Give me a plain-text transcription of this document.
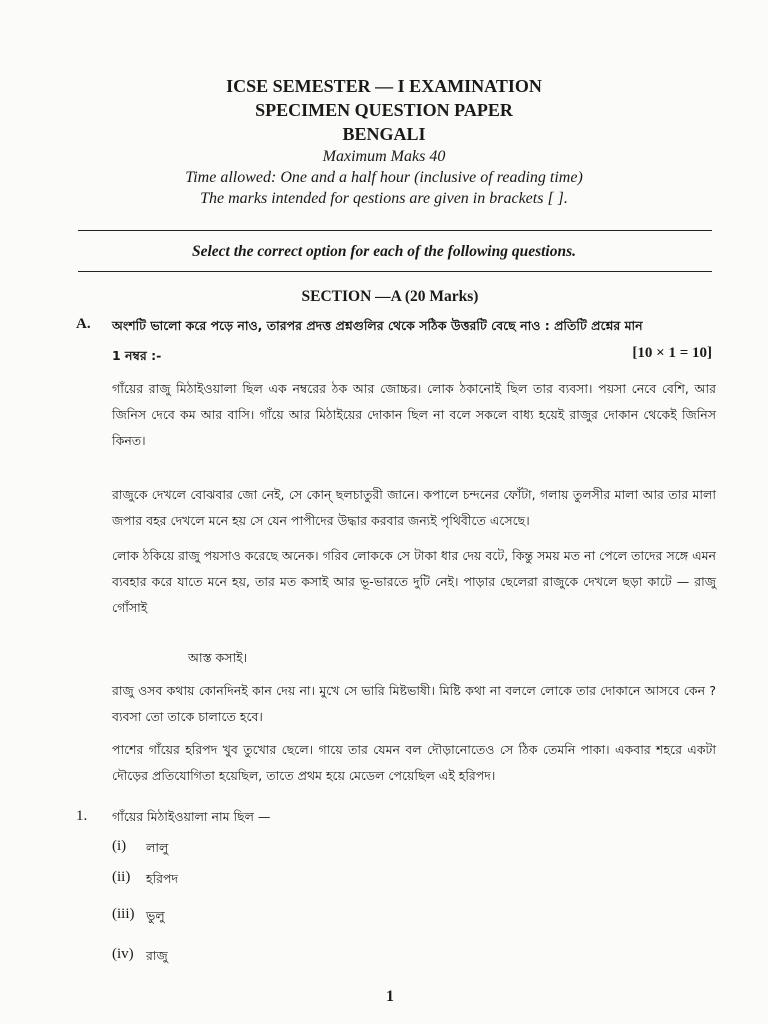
ICSE SEMESTER — I EXAMINATION
SPECIMEN QUESTION PAPER
BENGALI
Maximum Maks 40
Time allowed: One and a half hour (inclusive of reading time)
The marks intended for qestions are given in brackets [ ].
Select the correct option for each of the following questions.
SECTION —A (20 Marks)
A. অংশটি ভালো করে পড়ে নাও, তারপর প্রদত্ত প্রশ্নগুলির থেকে সঠিক উত্তরটি বেছে নাও : প্রতিটি প্রশ্নের মান
1 নম্বর :-	[10 × 1 = 10]
গাঁয়ের রাজু মিঠাইওয়ালা ছিল এক নম্বরের ঠক আর জোচ্চর। লোক ঠকানোই ছিল তার ব্যবসা। পয়সা নেবে বেশি, আর জিনিস দেবে কম আর বাসি। গাঁয়ে আর মিঠাইয়ের দোকান ছিল না বলে সকলে বাধ্য হয়েই রাজুর দোকান থেকেই জিনিস কিনত।
রাজুকে দেখলে বোঝবার জো নেই, সে কোন্ ছলচাতুরী জানে। কপালে চন্দনের ফোঁটা, গলায় তুলসীর মালা আর তার মালা জপার বহর দেখলে মনে হয় সে যেন পাপীদের উদ্ধার করবার জন্যই পৃথিবীতে এসেছে।
লোক ঠকিয়ে রাজু পয়সাও করেছে অনেক। গরিব লোককে সে টাকা ধার দেয় বটে, কিন্তু সময় মত না পেলে তাদের সঙ্গে এমন ব্যবহার করে যাতে মনে হয়, তার মত কসাই আর ভূ-ভারতে দুটি নেই। পাড়ার ছেলেরা রাজুকে দেখলে ছড়া কাটে — রাজু গোঁসাই
আস্ত কসাই।
রাজু ওসব কথায় কোনদিনই কান দেয় না। মুখে সে ভারি মিষ্টভাষী। মিষ্টি কথা না বললে লোকে তার দোকানে আসবে কেন ? ব্যবসা তো তাকে চালাতে হবে।
পাশের গাঁয়ের হরিপদ খুব তুখোর ছেলে। গায়ে তার যেমন বল দৌড়ানোতেও সে ঠিক তেমনি পাকা। একবার শহরে একটা দৌড়ের প্রতিযোগিতা হয়েছিল, তাতে প্রথম হয়ে মেডেল পেয়েছিল এই হরিপদ।
1. গাঁয়ের মিঠাইওয়ালা নাম ছিল —
(i) লালু
(ii) হরিপদ
(iii) ভুলু
(iv) রাজু
1
